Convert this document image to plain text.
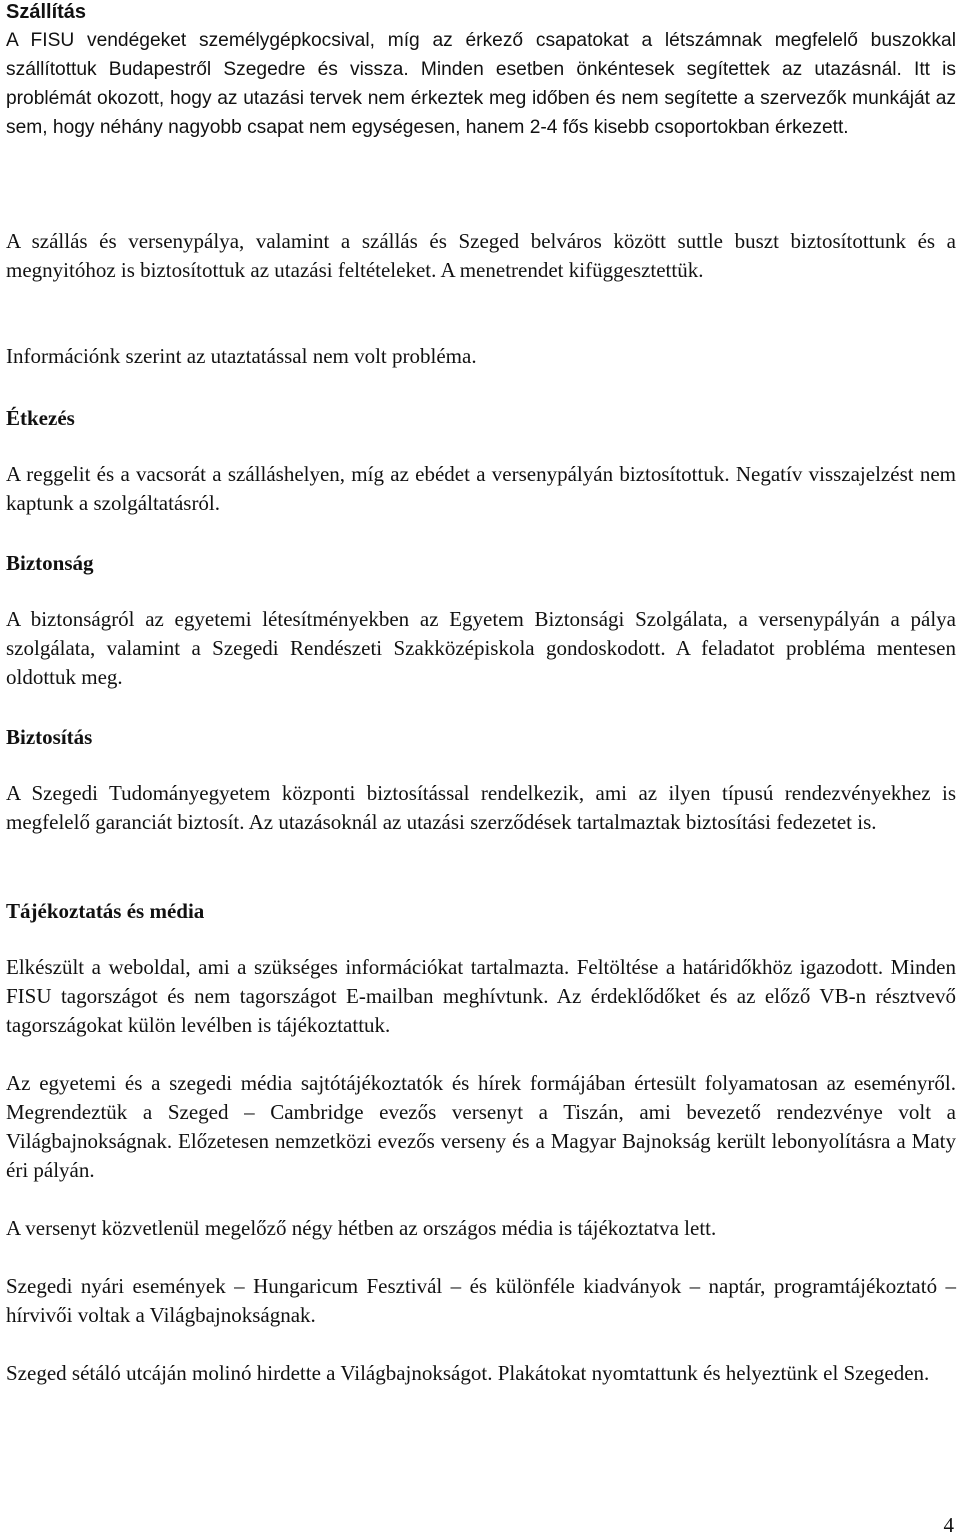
Szállítás

A FISU vendégeket személygépkocsival, míg az érkező csapatokat a létszámnak megfelelő buszokkal szállítottuk Budapestről Szegedre és vissza. Minden esetben önkéntesek segítettek az utazásnál. Itt is problémát okozott, hogy az utazási tervek nem érkeztek meg időben és nem segítette a szervezők munkáját az sem, hogy néhány nagyobb csapat nem egységesen, hanem 2-4 fős kisebb csoportokban érkezett.

A szállás és versenypálya, valamint a szállás és Szeged belváros között suttle buszt biztosítottunk és a megnyitóhoz is biztosítottuk az utazási feltételeket. A menetrendet kifüggesztettük.

Információnk szerint az utaztatással nem volt probléma.

Étkezés

A reggelit és a vacsorát a szálláshelyen, míg az ebédet a versenypályán biztosítottuk. Negatív visszajelzést nem kaptunk a szolgáltatásról.

Biztonság

A biztonságról az egyetemi létesítményekben az Egyetem Biztonsági Szolgálata, a versenypályán a pálya szolgálata, valamint a Szegedi Rendészeti Szakközépiskola gondoskodott. A feladatot probléma mentesen oldottuk meg.

Biztosítás

A Szegedi Tudományegyetem központi biztosítással rendelkezik, ami az ilyen típusú rendezvényekhez is megfelelő garanciát biztosít. Az utazásoknál az utazási szerződések tartalmaztak biztosítási fedezetet is.

Tájékoztatás és média

Elkészült a weboldal, ami a szükséges információkat tartalmazta. Feltöltése a határidőkhöz igazodott. Minden FISU tagországot és nem tagországot E-mailban meghívtunk. Az érdeklődőket és az előző VB-n résztvevő tagországokat külön levélben is tájékoztattuk.

Az egyetemi és a szegedi média sajtótájékoztatók és hírek formájában értesült folyamatosan az eseményről. Megrendeztük a Szeged – Cambridge evezős versenyt a Tiszán, ami bevezető rendezvénye volt a Világbajnokságnak. Előzetesen nemzetközi evezős verseny és a Magyar Bajnokság került lebonyolításra a Maty éri pályán.

A versenyt közvetlenül megelőző négy hétben az országos média is tájékoztatva lett.

Szegedi nyári események – Hungaricum Fesztivál – és különféle kiadványok – naptár, programtájékoztató – hírvivői voltak a Világbajnokságnak.

Szeged sétáló utcáján molinó hirdette a Világbajnokságot. Plakátokat nyomtattunk és helyeztünk el Szegeden.

4
